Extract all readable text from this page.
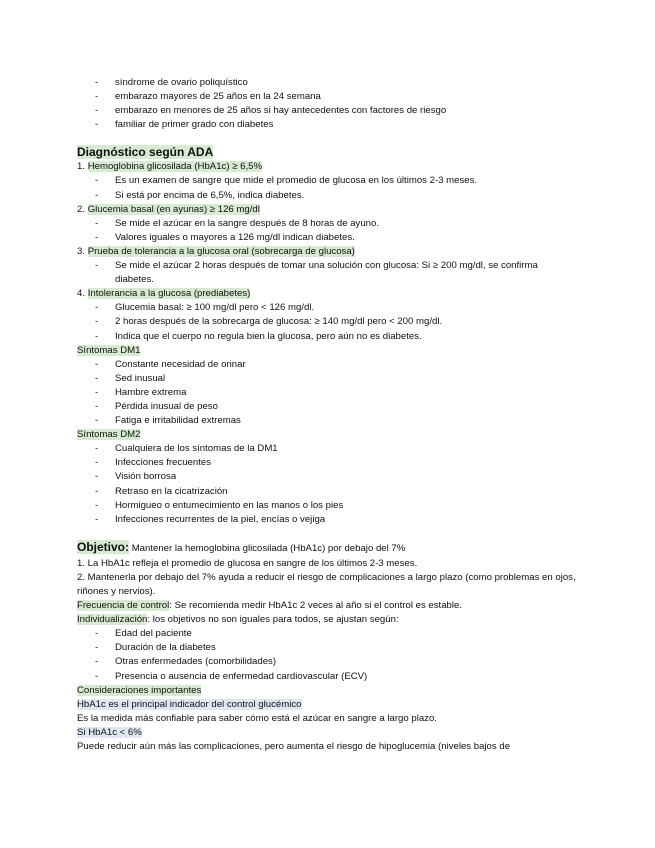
- síndrome de ovario poliquístico
- embarazo mayores de 25 años en la 24 semana
- embarazo en menores de 25 años si hay antecedentes con factores de riesgo
- familiar de primer grado con diabetes
Diagnóstico según ADA
1. Hemoglobina glicosilada (HbA1c) ≥ 6,5%
- Es un examen de sangre que mide el promedio de glucosa en los últimos 2-3 meses.
- Si está por encima de 6,5%, indica diabetes.
2. Glucemia basal (en ayunas) ≥ 126 mg/dl
- Se mide el azúcar en la sangre después de 8 horas de ayuno.
- Valores iguales o mayores a 126 mg/dl indican diabetes.
3. Prueba de tolerancia a la glucosa oral (sobrecarga de glucosa)
- Se mide el azúcar 2 horas después de tomar una solución con glucosa: Si ≥ 200 mg/dl, se confirma diabetes.
4. Intolerancia a la glucosa (prediabetes)
- Glucemia basal: ≥ 100 mg/dl pero < 126 mg/dl.
- 2 horas después de la sobrecarga de glucosa: ≥ 140 mg/dl pero < 200 mg/dl.
- Indica que el cuerpo no regula bien la glucosa, pero aún no es diabetes.
Síntomas DM1
- Constante necesidad de orinar
- Sed inusual
- Hambre extrema
- Pérdida inusual de peso
- Fatiga e irritabilidad extremas
Síntomas DM2
- Cualquiera de los síntomas de la DM1
- Infecciones frecuentes
- Visión borrosa
- Retraso en la cicatrización
- Hormigueo o entumecimiento en las manos o los pies
- Infecciones recurrentes de la piel, encías o vejiga
Objetivo: Mantener la hemoglobina glicosilada (HbA1c) por debajo del 7%
1. La HbA1c refleja el promedio de glucosa en sangre de los últimos 2-3 meses.
2. Mantenerla por debajo del 7% ayuda a reducir el riesgo de complicaciones a largo plazo (como problemas en ojos, riñones y nervios).
Frecuencia de control: Se recomienda medir HbA1c 2 veces al año si el control es estable.
Individualización: los objetivos no son iguales para todos, se ajustan según:
- Edad del paciente
- Duración de la diabetes
- Otras enfermedades (comorbilidades)
- Presencia o ausencia de enfermedad cardiovascular (ECV)
Consideraciones importantes
HbA1c es el principal indicador del control glucémico
Es la medida más confiable para saber cómo está el azúcar en sangre a largo plazo.
Si HbA1c < 6%
Puede reducir aún más las complicaciones, pero aumenta el riesgo de hipoglucemia (niveles bajos de
